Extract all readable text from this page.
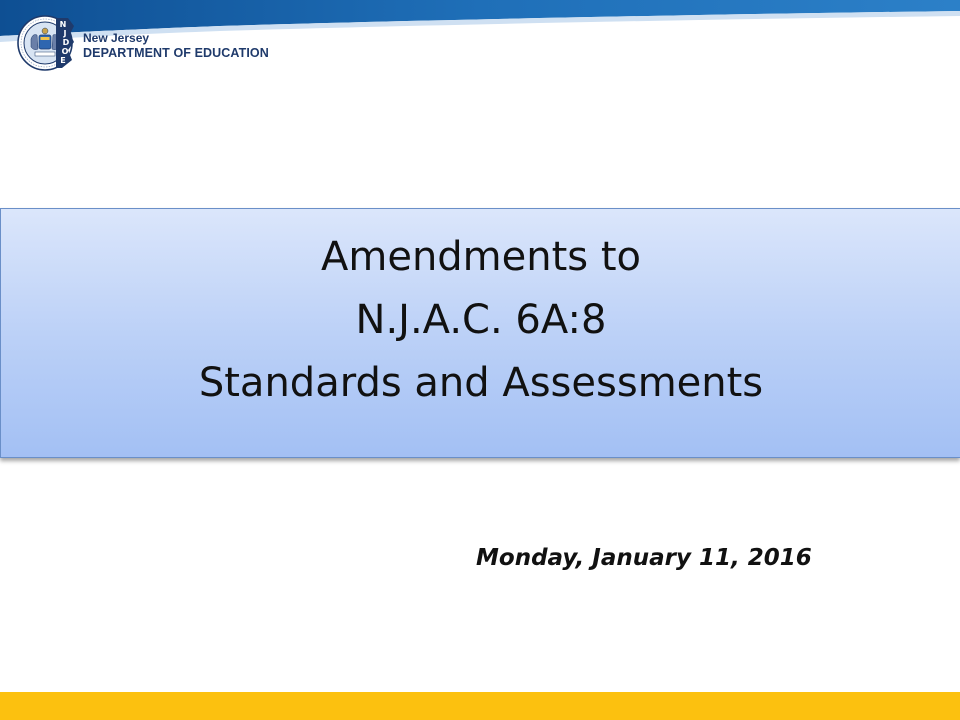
N
J
D
O
E
New Jersey
DEPARTMENT OF EDUCATION
Amendments to
N.J.A.C. 6A:8
Standards and Assessments
Monday, January 11, 2016
